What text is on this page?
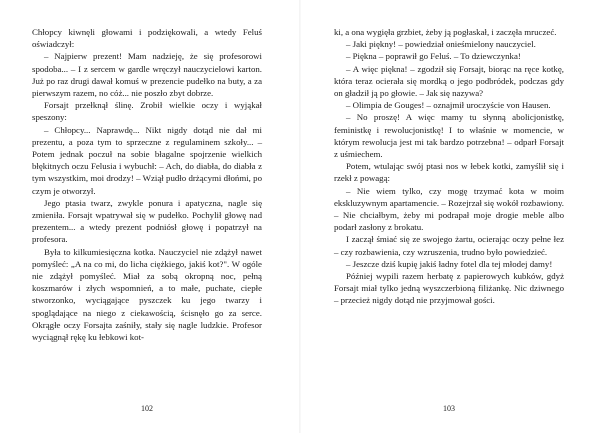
Chłopcy kiwnęli głowami i podziękowali, a wtedy Feluś oświadczył:

– Najpierw prezent! Mam nadzieję, że się profesorowi spodoba... – I z sercem w gardle wręczył nauczycielowi karton. Już po raz drugi dawał komuś w prezencie pudełko na buty, a za pierwszym razem, no cóż... nie poszło zbyt dobrze.

Forsajt przełknął ślinę. Zrobił wielkie oczy i wyjąkał speszony:

– Chłopcy... Naprawdę... Nikt nigdy dotąd nie dał mi prezentu, a poza tym to sprzeczne z regulaminem szkoły... – Potem jednak poczuł na sobie błagalne spojrzenie wielkich błękitnych oczu Felusia i wybuchł: – Ach, do diabła, do diabła z tym wszystkim, moi drodzy! – Wziął pudło drżącymi dłońmi, po czym je otworzył.

Jego ptasia twarz, zwykle ponura i apatyczna, nagle się zmieniła. Forsajt wpatrywał się w pudełko. Pochylił głowę nad prezentem... a wtedy prezent podniósł głowę i popatrzył na profesora.

Była to kilkumiesięczna kotka. Nauczyciel nie zdążył nawet pomyśleć: „A na co mi, do licha ciężkiego, jakiś kot?". W ogóle nie zdążył pomyśleć. Miał za sobą okropną noc, pełną koszmarów i złych wspomnień, a to małe, puchate, ciepłe stworzonko, wyciągające pyszczek ku jego twarzy i spoglądające na niego z ciekawością, ścisnęło go za serce. Okrągłe oczy Forsajta zaśniły, stały się nagle ludzkie. Profesor wyciągnął rękę ku łebkowi kot-

102

ki, a ona wygięła grzbiet, żeby ją pogłaskał, i zaczęła mruczeć.

– Jaki piękny! – powiedział onieśmielony nauczyciel.

– Piękna – poprawił go Feluś. – To dziewczynka!

– A więc piękna! – zgodził się Forsajt, biorąc na ręce kotkę, która teraz ocierała się mordką o jego podbródek, podczas gdy on gładził ją po głowie. – Jak się nazywa?

– Olimpia de Gouges! – oznajmił uroczyście von Hausen.

– No proszę! A więc mamy tu słynną abolicjonistkę, feministkę i rewolucjonistkę! I to właśnie w momencie, w którym rewolucja jest mi tak bardzo potrzebna! – odparł Forsajt z uśmiechem.

Potem, wtulając swój ptasi nos w łebek kotki, zamyślił się i rzekł z powagą:

– Nie wiem tylko, czy mogę trzymać kota w moim ekskluzywnym apartamencie. – Rozejrzał się wokół rozbawiony. – Nie chciałbym, żeby mi podrapał moje drogie meble albo podarł zasłony z brokatu.

I zaczął śmiać się ze swojego żartu, ocierając oczy pełne łez – czy rozbawienia, czy wzruszenia, trudno było powiedzieć.

– Jeszcze dziś kupię jakiś ładny fotel dla tej młodej damy!

Później wypili razem herbatę z papierowych kubków, gdyż Forsajt miał tylko jedną wyszczerbioną filiżankę. Nic dziwnego – przecież nigdy dotąd nie przyjmował gości.

103
